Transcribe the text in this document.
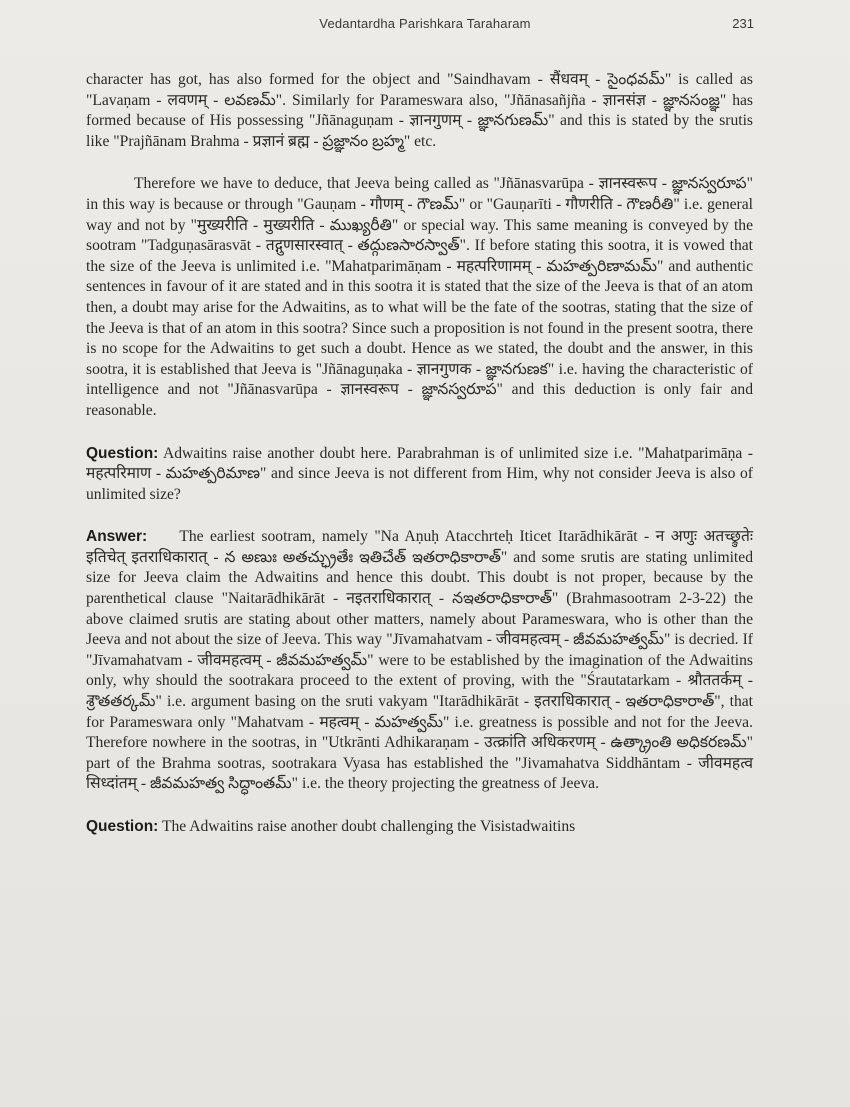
Vedantardha Parishkara Taraharam	231

character has got, has also formed for the object and "Saindhavam - सैंधवम् - సైంధవమ్" is called as "Lavaṇam - लवणम् - లవణమ్". Similarly for Parameswara also, "Jñānasañjña - ज्ञानसंज्ञ - జ్ఞానసంజ్ఞ" has formed because of His possessing "Jñānaguṇam - ज्ञानगुणम् - జ్ఞానగుణమ్" and this is stated by the srutis like "Prajñānam Brahma - प्रज्ञानं ब्रह्म - ప్రజ్ఞానం బ్రహ్మ" etc.

Therefore we have to deduce, that Jeeva being called as "Jñānasvarūpa - ज्ञानस्वरूप - జ్ఞానస్వరూప" in this way is because or through "Gauṇam - गौणम् - గౌణమ్" or "Gauṇarīti - गौणरीति - గౌణరీతి" i.e. general way and not by "मुख्यरीति - मुख्यरीति - ముఖ్యరీతి" or special way. This same meaning is conveyed by the sootram "Tadguṇasārasvāt - तद्गुणसारस्वात् - తద్గుణసారస్వాత్". If before stating this sootra, it is vowed that the size of the Jeeva is unlimited i.e. "Mahatparimāṇam - महत्परिणामम् - మహత్పరిణామమ్" and authentic sentences in favour of it are stated and in this sootra it is stated that the size of the Jeeva is that of an atom then, a doubt may arise for the Adwaitins, as to what will be the fate of the sootras, stating that the size of the Jeeva is that of an atom in this sootra? Since such a proposition is not found in the present sootra, there is no scope for the Adwaitins to get such a doubt. Hence as we stated, the doubt and the answer, in this sootra, it is established that Jeeva is "Jñānaguṇaka - ज्ञानगुणक - జ్ఞానగుణక" i.e. having the characteristic of intelligence and not "Jñānasvarūpa - ज्ञानस्वरूप - జ్ఞానస్వరూప" and this deduction is only fair and reasonable.

Question: Adwaitins raise another doubt here. Parabrahman is of unlimited size i.e. "Mahatparimāṇa - महत्परिमाण - మహత్పరిమాణ" and since Jeeva is not different from Him, why not consider Jeeva is also of unlimited size?

Answer: The earliest sootram, namely "Na Aṇuḥ Atacchrteḥ Iticet Itarādhikārāt - न अणुः अतच्छ्रुतेः इतिचेत् इतराधिकारात् - న అణుః అతచ్ఛ్రుతేః ఇతిచేత్ ఇతరాధికారాత్" and some srutis are stating unlimited size for Jeeva claim the Adwaitins and hence this doubt. This doubt is not proper, because by the parenthetical clause "Naitarādhikārāt - नइतराधिकारात् - నఇతరాధికారాత్" (Brahmasootram 2-3-22) the above claimed srutis are stating about other matters, namely about Parameswara, who is other than the Jeeva and not about the size of Jeeva. This way "Jīvamahatvam - जीवमहत्वम् - జీవమహత్వమ్" is decried. If "Jīvamahatvam - जीवमहत्वम् - జీవమహత్వమ్" were to be established by the imagination of the Adwaitins only, why should the sootrakara proceed to the extent of proving, with the "Śrautatarkam - श्रौततर्कम् - శ్రౌతతర్కమ్" i.e. argument basing on the sruti vakyam "Itarādhikārāt - इतराधिकारात् - ఇతరాధికారాత్", that for Parameswara only "Mahatvam - महत्वम् - మహత్వమ్" i.e. greatness is possible and not for the Jeeva. Therefore nowhere in the sootras, in "Utkrānti Adhikaraṇam - उत्क्रांति अधिकरणम् - ఉత్క్రాంతి అధికరణమ్" part of the Brahma sootras, sootrakara Vyasa has established the "Jivamahatva Siddhāntam - जीवमहत्व सिध्दांतम् - జీవమహత్వ సిద్ధాంతమ్" i.e. the theory projecting the greatness of Jeeva.

Question: The Adwaitins raise another doubt challenging the Visistadwaitins
